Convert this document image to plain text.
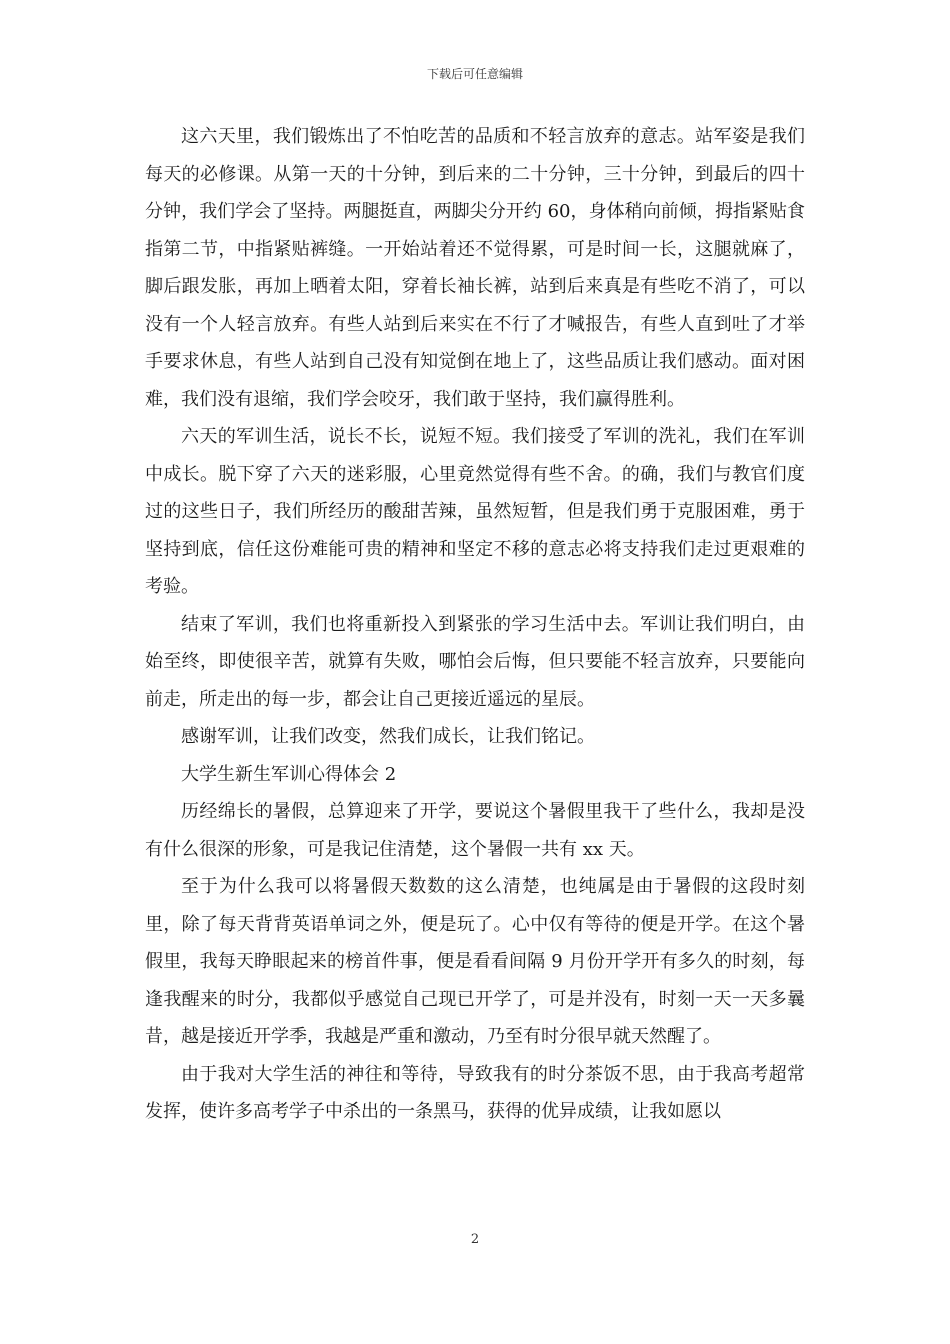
下载后可任意编辑

这六天里，我们锻炼出了不怕吃苦的品质和不轻言放弃的意志。站军姿是我们每天的必修课。从第一天的十分钟，到后来的二十分钟，三十分钟，到最后的四十分钟，我们学会了坚持。两腿挺直，两脚尖分开约 60，身体稍向前倾，拇指紧贴食指第二节，中指紧贴裤缝。一开始站着还不觉得累，可是时间一长，这腿就麻了，脚后跟发胀，再加上晒着太阳，穿着长袖长裤，站到后来真是有些吃不消了，可以没有一个人轻言放弃。有些人站到后来实在不行了才喊报告，有些人直到吐了才举手要求休息，有些人站到自己没有知觉倒在地上了，这些品质让我们感动。面对困难，我们没有退缩，我们学会咬牙，我们敢于坚持，我们赢得胜利。

六天的军训生活，说长不长，说短不短。我们接受了军训的洗礼，我们在军训中成长。脱下穿了六天的迷彩服，心里竟然觉得有些不舍。的确，我们与教官们度过的这些日子，我们所经历的酸甜苦辣，虽然短暂，但是我们勇于克服困难，勇于坚持到底，信任这份难能可贵的精神和坚定不移的意志必将支持我们走过更艰难的考验。

结束了军训，我们也将重新投入到紧张的学习生活中去。军训让我们明白，由始至终，即使很辛苦，就算有失败，哪怕会后悔，但只要能不轻言放弃，只要能向前走，所走出的每一步，都会让自己更接近遥远的星辰。

感谢军训，让我们改变，然我们成长，让我们铭记。

大学生新生军训心得体会 2

历经绵长的暑假，总算迎来了开学，要说这个暑假里我干了些什么，我却是没有什么很深的形象，可是我记住清楚，这个暑假一共有 xx 天。

至于为什么我可以将暑假天数数的这么清楚，也纯属是由于暑假的这段时刻里，除了每天背背英语单词之外，便是玩了。心中仅有等待的便是开学。在这个暑假里，我每天睁眼起来的榜首件事，便是看看间隔 9 月份开学开有多久的时刻，每逢我醒来的时分，我都似乎感觉自己现已开学了，可是并没有，时刻一天一天多曩昔，越是接近开学季，我越是严重和激动，乃至有时分很早就天然醒了。

由于我对大学生活的神往和等待，导致我有的时分茶饭不思，由于我高考超常发挥，使许多高考学子中杀出的一条黑马，获得的优异成绩，让我如愿以

2
